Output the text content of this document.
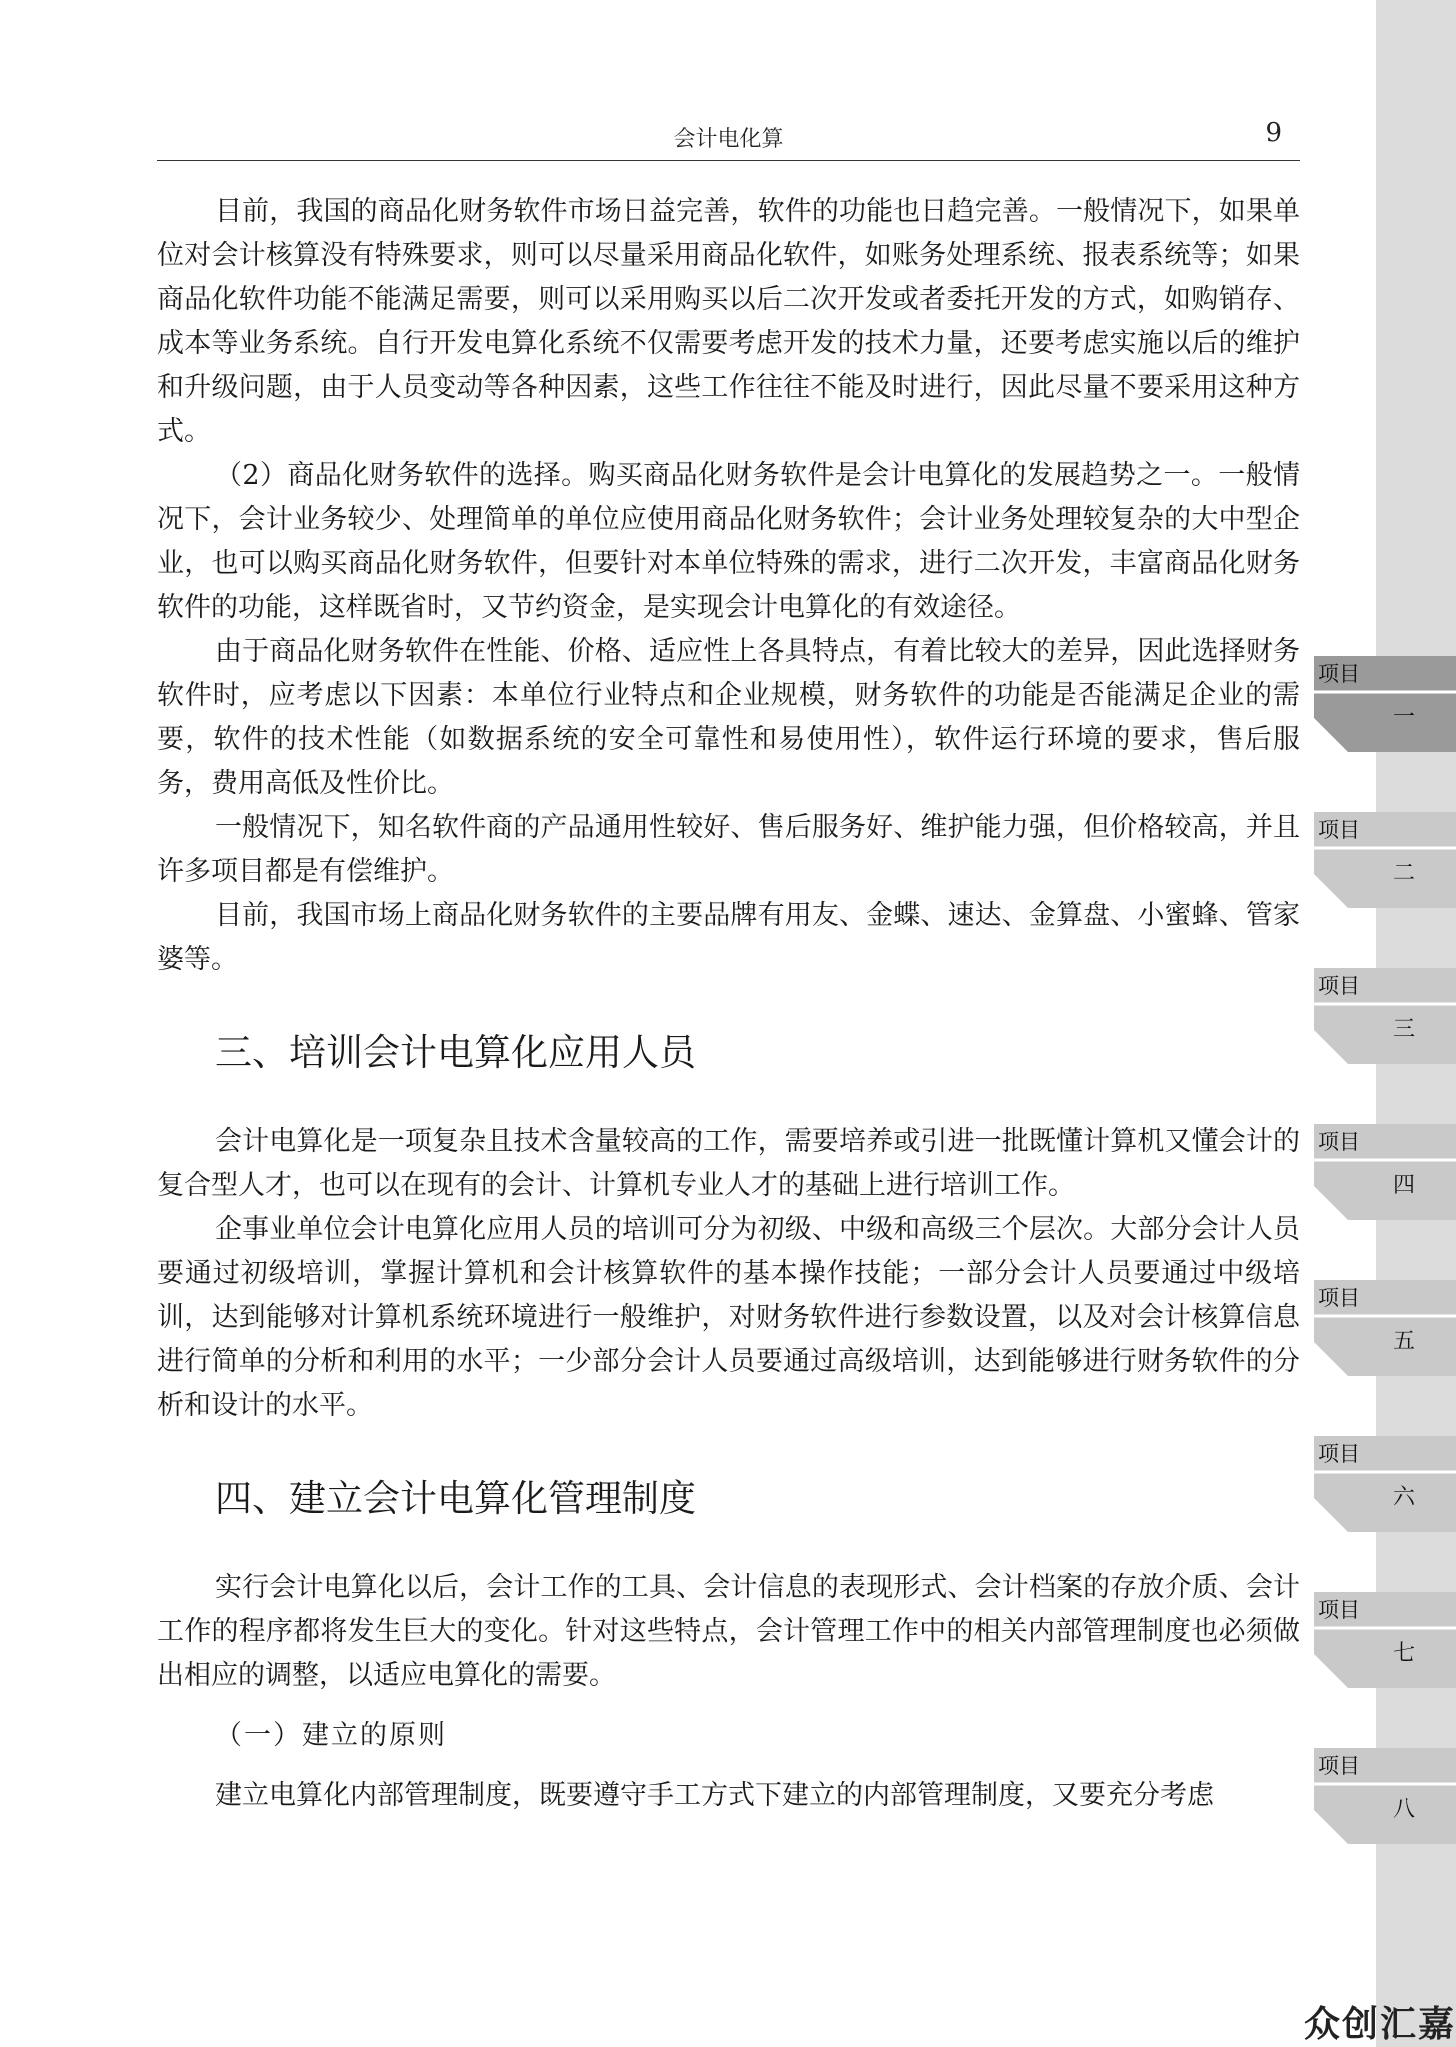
会计电化算	9

目前，我国的商品化财务软件市场日益完善，软件的功能也日趋完善。一般情况下，如果单位对会计核算没有特殊要求，则可以尽量采用商品化软件，如账务处理系统、报表系统等；如果商品化软件功能不能满足需要，则可以采用购买以后二次开发或者委托开发的方式，如购销存、成本等业务系统。自行开发电算化系统不仅需要考虑开发的技术力量，还要考虑实施以后的维护和升级问题，由于人员变动等各种因素，这些工作往往不能及时进行，因此尽量不要采用这种方式。

（2）商品化财务软件的选择。购买商品化财务软件是会计电算化的发展趋势之一。一般情况下，会计业务较少、处理简单的单位应使用商品化财务软件；会计业务处理较复杂的大中型企业，也可以购买商品化财务软件，但要针对本单位特殊的需求，进行二次开发，丰富商品化财务软件的功能，这样既省时，又节约资金，是实现会计电算化的有效途径。

由于商品化财务软件在性能、价格、适应性上各具特点，有着比较大的差异，因此选择财务软件时，应考虑以下因素：本单位行业特点和企业规模，财务软件的功能是否能满足企业的需要，软件的技术性能（如数据系统的安全可靠性和易使用性），软件运行环境的要求，售后服务，费用高低及性价比。

一般情况下，知名软件商的产品通用性较好、售后服务好、维护能力强，但价格较高，并且许多项目都是有偿维护。

目前，我国市场上商品化财务软件的主要品牌有用友、金蝶、速达、金算盘、小蜜蜂、管家婆等。

三、培训会计电算化应用人员

会计电算化是一项复杂且技术含量较高的工作，需要培养或引进一批既懂计算机又懂会计的复合型人才，也可以在现有的会计、计算机专业人才的基础上进行培训工作。

企事业单位会计电算化应用人员的培训可分为初级、中级和高级三个层次。大部分会计人员要通过初级培训，掌握计算机和会计核算软件的基本操作技能；一部分会计人员要通过中级培训，达到能够对计算机系统环境进行一般维护，对财务软件进行参数设置，以及对会计核算信息进行简单的分析和利用的水平；一少部分会计人员要通过高级培训，达到能够进行财务软件的分析和设计的水平。

四、建立会计电算化管理制度

实行会计电算化以后，会计工作的工具、会计信息的表现形式、会计档案的存放介质、会计工作的程序都将发生巨大的变化。针对这些特点，会计管理工作中的相关内部管理制度也必须做出相应的调整，以适应电算化的需要。

（一）建立的原则

建立电算化内部管理制度，既要遵守手工方式下建立的内部管理制度，又要充分考虑

项目
一
项目
二
项目
三
项目
四
项目
五
项目
六
项目
七
项目
八
众创汇嘉
